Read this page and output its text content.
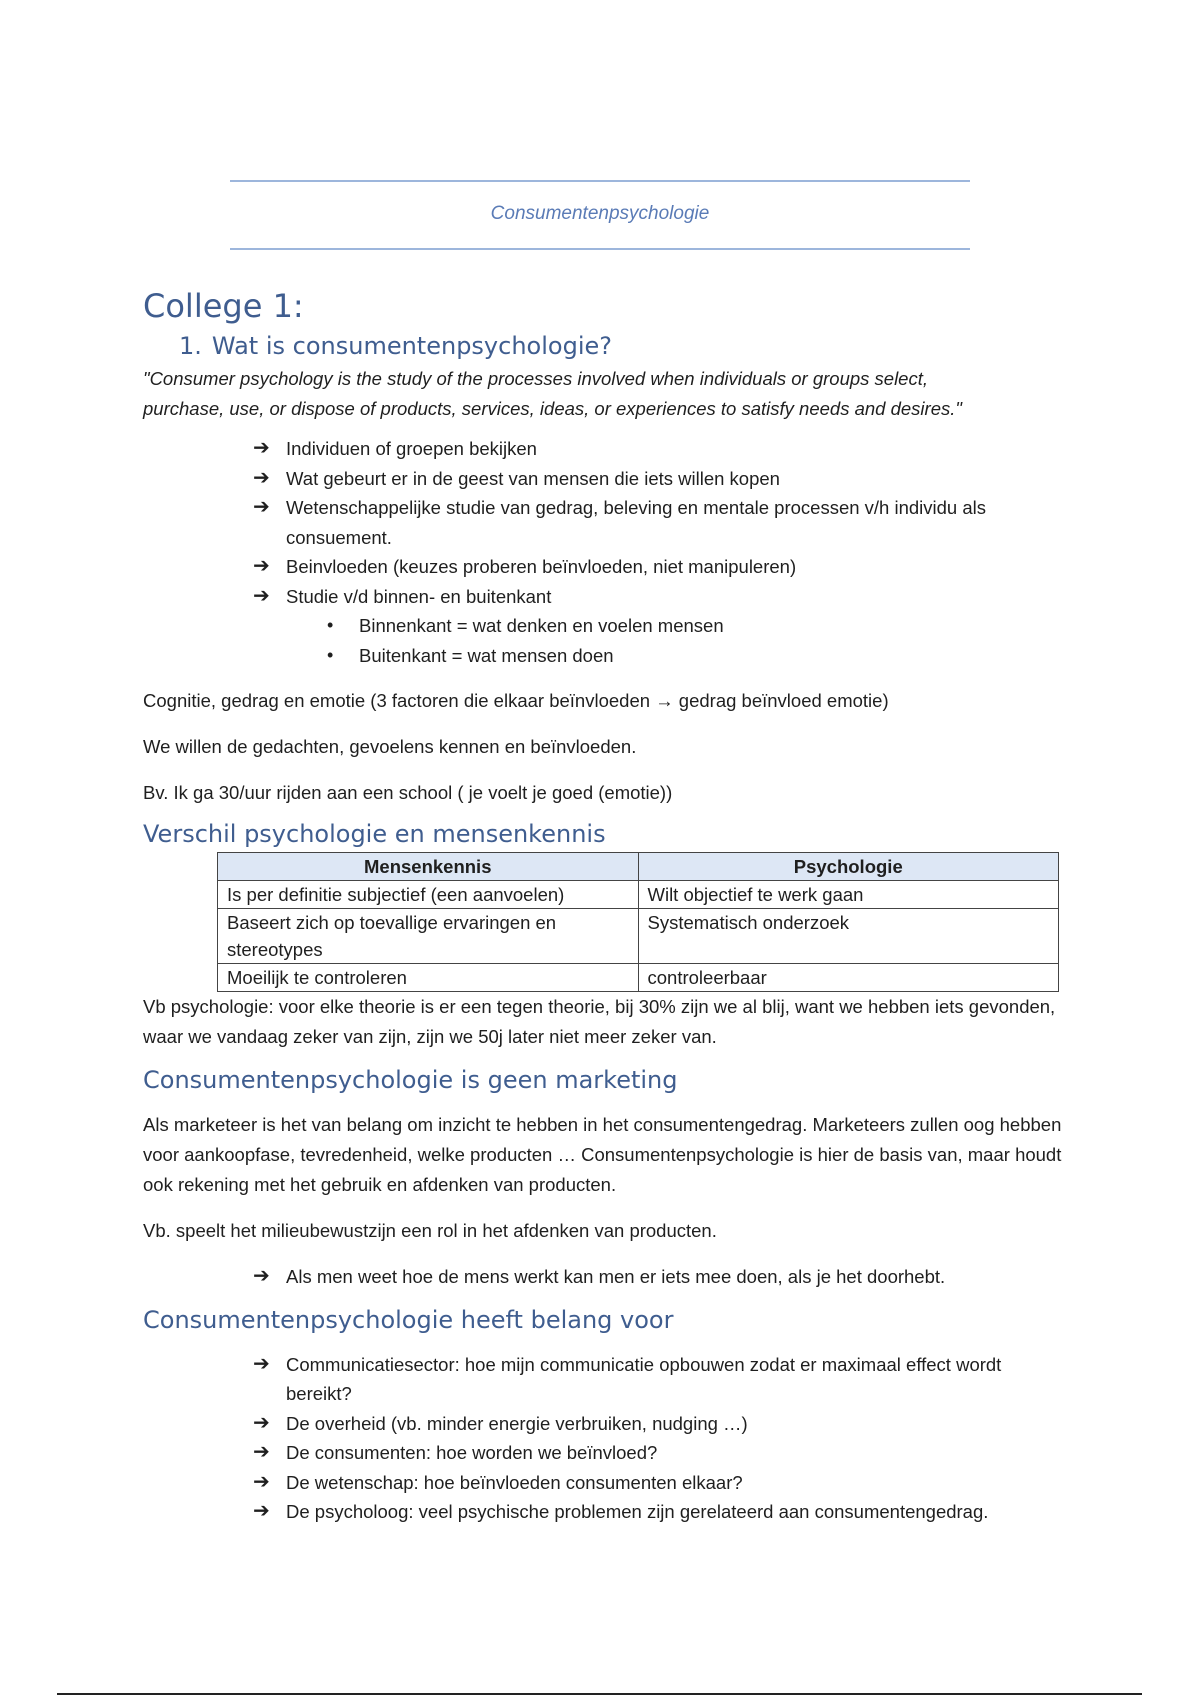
Consumentenpsychologie
College 1:
1. Wat is consumentenpsychologie?

"Consumer psychology is the study of the processes involved when individuals or groups select,

purchase, use, or dispose of products, services, ideas, or experiences to satisfy needs and desires."

➔ Individuen of groepen bekijken
➔ Wat gebeurt er in de geest van mensen die iets willen kopen
➔ Wetenschappelijke studie van gedrag, beleving en mentale processen v/h individu als consuement.
➔ Beinvloeden (keuzes proberen beïnvloeden, niet manipuleren)
➔ Studie v/d binnen- en buitenkant
• Binnenkant = wat denken en voelen mensen
• Buitenkant = wat mensen doen

Cognitie, gedrag en emotie (3 factoren die elkaar beïnvloeden → gedrag beïnvloed emotie)

We willen de gedachten, gevoelens kennen en beïnvloeden.

Bv. Ik ga 30/uur rijden aan een school ( je voelt je goed (emotie))

Verschil psychologie en mensenkennis
Mensenkennis	Psychologie
Is per definitie subjectief (een aanvoelen)	Wilt objectief te werk gaan
Baseert zich op toevallige ervaringen en stereotypes	Systematisch onderzoek
Moeilijk te controleren	controleerbaar

Vb psychologie: voor elke theorie is er een tegen theorie, bij 30% zijn we al blij, want we hebben iets gevonden, waar we vandaag zeker van zijn, zijn we 50j later niet meer zeker van.

Consumentenpsychologie is geen marketing

Als marketeer is het van belang om inzicht te hebben in het consumentengedrag. Marketeers zullen oog hebben voor aankoopfase, tevredenheid, welke producten … Consumentenpsychologie is hier de basis van, maar houdt ook rekening met het gebruik en afdenken van producten.

Vb. speelt het milieubewustzijn een rol in het afdenken van producten.

➔ Als men weet hoe de mens werkt kan men er iets mee doen, als je het doorhebt.
Consumentenpsychologie heeft belang voor
➔ Communicatiesector: hoe mijn communicatie opbouwen zodat er maximaal effect wordt bereikt?
➔ De overheid (vb. minder energie verbruiken, nudging …)
➔ De consumenten: hoe worden we beïnvloed?
➔ De wetenschap: hoe beïnvloeden consumenten elkaar?
➔ De psycholoog: veel psychische problemen zijn gerelateerd aan consumentengedrag.
